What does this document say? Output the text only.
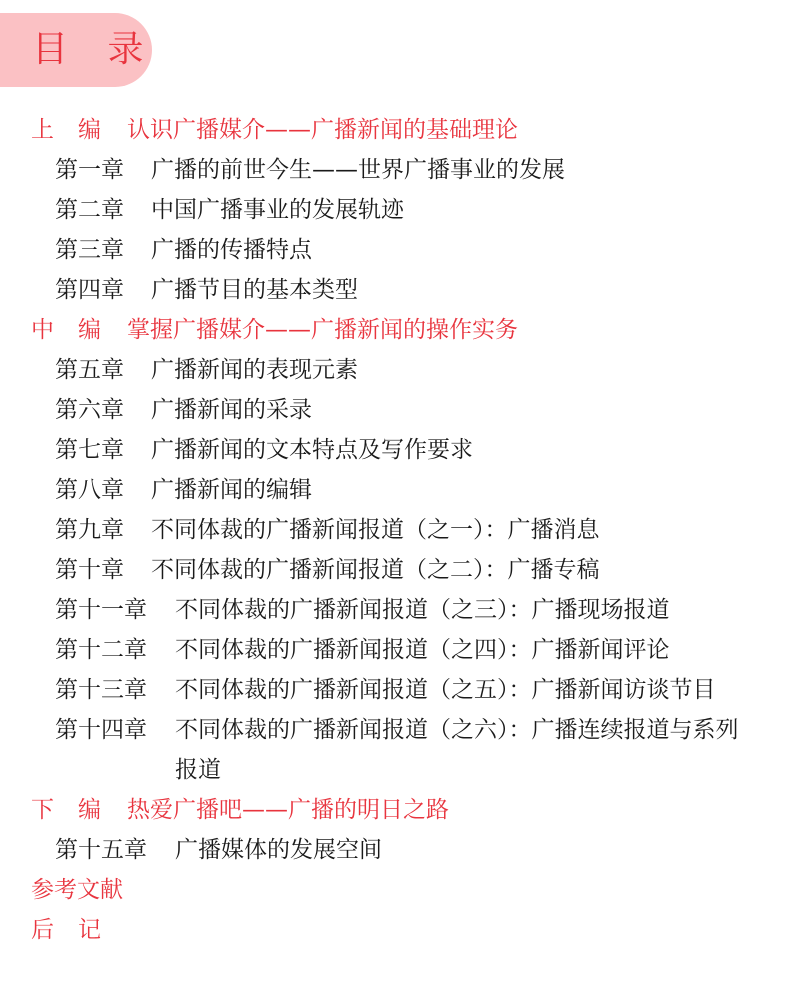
目 录
上编认识广播媒介——广播新闻的基础理论
第一章 广播的前世今生——世界广播事业的发展
第二章 中国广播事业的发展轨迹
第三章 广播的传播特点
第四章 广播节目的基本类型
中编掌握广播媒介——广播新闻的操作实务
第五章 广播新闻的表现元素
第六章 广播新闻的采录
第七章 广播新闻的文本特点及写作要求
第八章 广播新闻的编辑
第九章 不同体裁的广播新闻报道（之一）：广播消息
第十章 不同体裁的广播新闻报道（之二）：广播专稿
第十一章 不同体裁的广播新闻报道（之三）：广播现场报道
第十二章 不同体裁的广播新闻报道（之四）：广播新闻评论
第十三章 不同体裁的广播新闻报道（之五）：广播新闻访谈节目
第十四章 不同体裁的广播新闻报道（之六）：广播连续报道与系列报道
下编热爱广播吧——广播的明日之路
第十五章 广播媒体的发展空间
参考文献
后记
